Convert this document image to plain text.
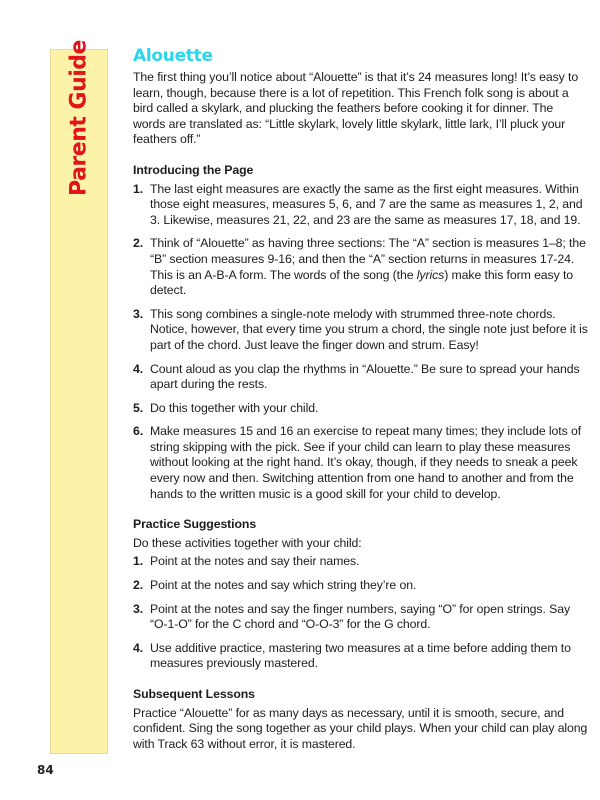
Parent Guide
84
Alouette

The first thing you’ll notice about “Alouette” is that it’s 24 measures long! It’s easy to learn, though, because there is a lot of repetition. This French folk song is about a bird called a skylark, and plucking the feathers before cooking it for dinner. The words are translated as: “Little skylark, lovely little skylark, little lark, I’ll pluck your feathers off.”

Introducing the Page
1. The last eight measures are exactly the same as the first eight measures. Within those eight measures, measures 5, 6, and 7 are the same as measures 1, 2, and 3. Likewise, measures 21, 22, and 23 are the same as measures 17, 18, and 19.
2. Think of “Alouette” as having three sections: The “A” section is measures 1–8; the “B” section measures 9-16; and then the “A” section returns in measures 17-24. This is an A-B-A form. The words of the song (the lyrics) make this form easy to detect.
3. This song combines a single-note melody with strummed three-note chords. Notice, however, that every time you strum a chord, the single note just before it is part of the chord. Just leave the finger down and strum. Easy!
4. Count aloud as you clap the rhythms in “Alouette.” Be sure to spread your hands apart during the rests.
5. Do this together with your child.
6. Make measures 15 and 16 an exercise to repeat many times; they include lots of string skipping with the pick. See if your child can learn to play these measures without looking at the right hand. It’s okay, though, if they needs to sneak a peek every now and then. Switching attention from one hand to another and from the hands to the written music is a good skill for your child to develop.
Practice Suggestions

Do these activities together with your child:

1. Point at the notes and say their names.
2. Point at the notes and say which string they’re on.
3. Point at the notes and say the finger numbers, saying “O” for open strings. Say “O-1-O” for the C chord and “O-O-3” for the G chord.
4. Use additive practice, mastering two measures at a time before adding them to measures previously mastered.
Subsequent Lessons

Practice “Alouette” for as many days as necessary, until it is smooth, secure, and confident. Sing the song together as your child plays. When your child can play along with Track 63 without error, it is mastered.
